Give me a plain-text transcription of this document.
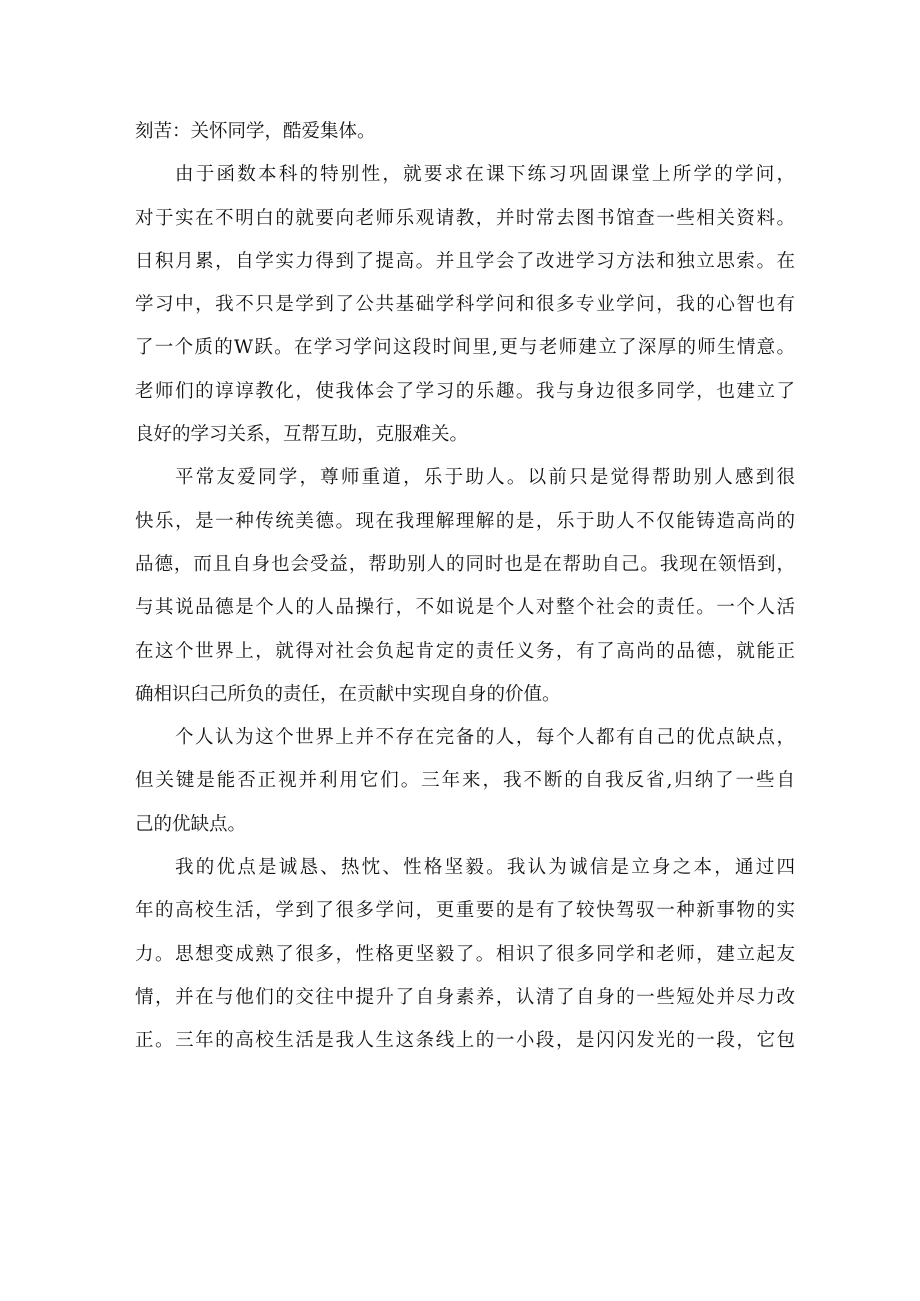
刻苦：关怀同学，酷爱集体。
由于函数本科的特别性，就要求在课下练习巩固课堂上所学的学问，
对于实在不明白的就要向老师乐观请教，并时常去图书馆查一些相关资料。
日积月累，自学实力得到了提高。并且学会了改进学习方法和独立思索。在
学习中，我不只是学到了公共基础学科学问和很多专业学问，我的心智也有
了一个质的W跃。在学习学问这段时间里,更与老师建立了深厚的师生情意。
老师们的谆谆教化，使我体会了学习的乐趣。我与身边很多同学，也建立了
良好的学习关系，互帮互助，克服难关。
平常友爱同学，尊师重道，乐于助人。以前只是觉得帮助别人感到很
快乐，是一种传统美德。现在我理解理解的是，乐于助人不仅能铸造高尚的
品德，而且自身也会受益，帮助别人的同时也是在帮助自己。我现在领悟到，
与其说品德是个人的人品操行，不如说是个人对整个社会的责任。一个人活
在这个世界上，就得对社会负起肯定的责任义务，有了高尚的品德，就能正
确相识臼己所负的责任，在贡献中实现自身的价值。
个人认为这个世界上并不存在完备的人，每个人都有自己的优点缺点，
但关键是能否正视并利用它们。三年来，我不断的自我反省,归纳了一些自
己的优缺点。
我的优点是诚恳、热忱、性格坚毅。我认为诚信是立身之本，通过四
年的高校生活，学到了很多学问，更重要的是有了较快驾驭一种新事物的实
力。思想变成熟了很多，性格更坚毅了。相识了很多同学和老师，建立起友
情，并在与他们的交往中提升了自身素养，认清了自身的一些短处并尽力改
正。三年的高校生活是我人生这条线上的一小段，是闪闪发光的一段，它包
